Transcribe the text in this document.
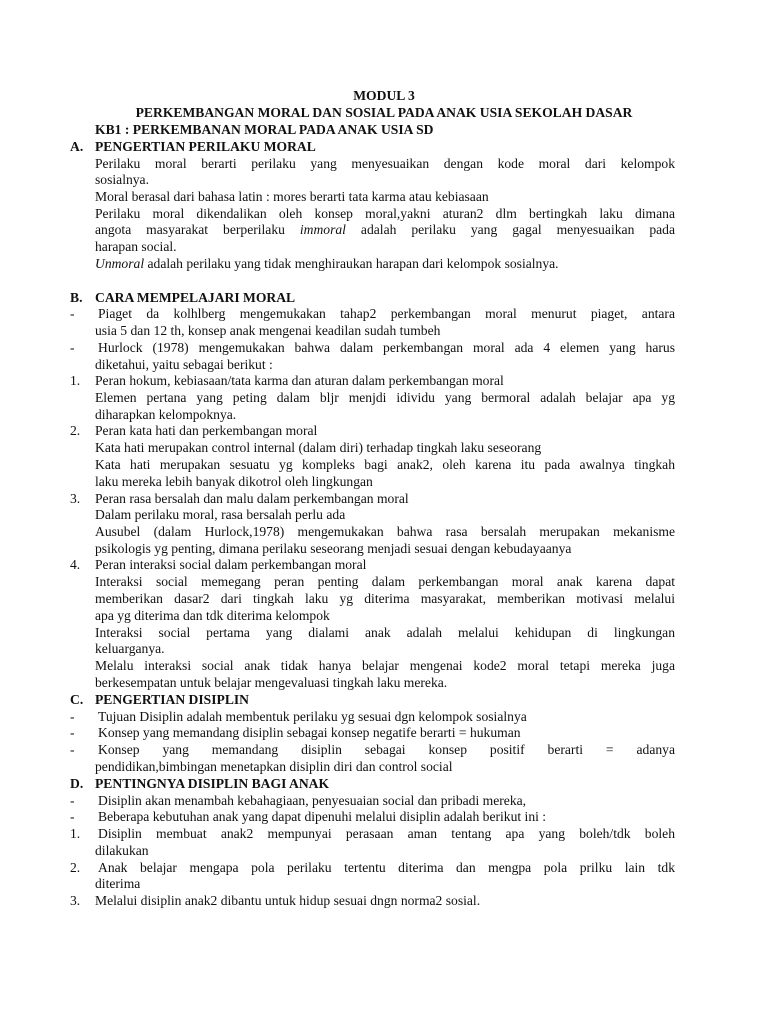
MODUL 3
PERKEMBANGAN MORAL DAN SOSIAL PADA ANAK USIA SEKOLAH DASAR
KB1 : PERKEMBANAN MORAL PADA ANAK USIA SD
A. PENGERTIAN PERILAKU MORAL
Perilaku moral berarti perilaku yang menyesuaikan dengan kode moral dari kelompok
sosialnya.
Moral berasal dari bahasa latin : mores berarti tata karma atau kebiasaan
Perilaku moral dikendalikan oleh konsep moral,yakni aturan2 dlm bertingkah laku dimana
angota masyarakat berperilaku immoral adalah perilaku yang gagal menyesuaikan pada
harapan social.
Unmoral adalah perilaku yang tidak menghiraukan harapan dari kelompok sosialnya.
B. CARA MEMPELAJARI MORAL
- Piaget da kolhlberg mengemukakan tahap2 perkembangan moral menurut piaget, antara
usia 5 dan 12 th, konsep anak mengenai keadilan sudah tumbeh
- Hurlock (1978) mengemukakan bahwa dalam perkembangan moral ada 4 elemen yang harus
diketahui, yaitu sebagai berikut :
1. Peran hokum, kebiasaan/tata karma dan aturan dalam perkembangan moral
Elemen pertana yang peting dalam bljr menjdi idividu yang bermoral adalah belajar apa yg
diharapkan kelompoknya.
2. Peran kata hati dan perkembangan moral
Kata hati merupakan control internal (dalam diri) terhadap tingkah laku seseorang
Kata hati merupakan sesuatu yg kompleks bagi anak2, oleh karena itu pada awalnya tingkah
laku mereka lebih banyak dikotrol oleh lingkungan
3. Peran rasa bersalah dan malu dalam perkembangan moral
Dalam perilaku moral, rasa bersalah perlu ada
Ausubel (dalam Hurlock,1978) mengemukakan bahwa rasa bersalah merupakan mekanisme
psikologis yg penting, dimana perilaku seseorang menjadi sesuai dengan kebudayaanya
4. Peran interaksi social dalam perkembangan moral
Interaksi social memegang peran penting dalam perkembangan moral anak karena dapat
memberikan dasar2 dari tingkah laku yg diterima masyarakat, memberikan motivasi melalui
apa yg diterima dan tdk diterima kelompok
Interaksi social pertama yang dialami anak adalah melalui kehidupan di lingkungan
keluarganya.
Melalu interaksi social anak tidak hanya belajar mengenai kode2 moral tetapi mereka juga
berkesempatan untuk belajar mengevaluasi tingkah laku mereka.
C. PENGERTIAN DISIPLIN
- Tujuan Disiplin adalah membentuk perilaku yg sesuai dgn kelompok sosialnya
- Konsep yang memandang disiplin sebagai konsep negatife berarti = hukuman
- Konsep yang memandang disiplin sebagai konsep positif berarti = adanya
pendidikan,bimbingan menetapkan disiplin diri dan control social
D. PENTINGNYA DISIPLIN BAGI ANAK
- Disiplin akan menambah kebahagiaan, penyesuaian social dan pribadi mereka,
- Beberapa kebutuhan anak yang dapat dipenuhi melalui disiplin adalah berikut ini :
1. Disiplin membuat anak2 mempunyai perasaan aman tentang apa yang boleh/tdk boleh
dilakukan
2. Anak belajar mengapa pola perilaku tertentu diterima dan mengpa pola prilku lain tdk
diterima
3. Melalui disiplin anak2 dibantu untuk hidup sesuai dngn norma2 sosial.
